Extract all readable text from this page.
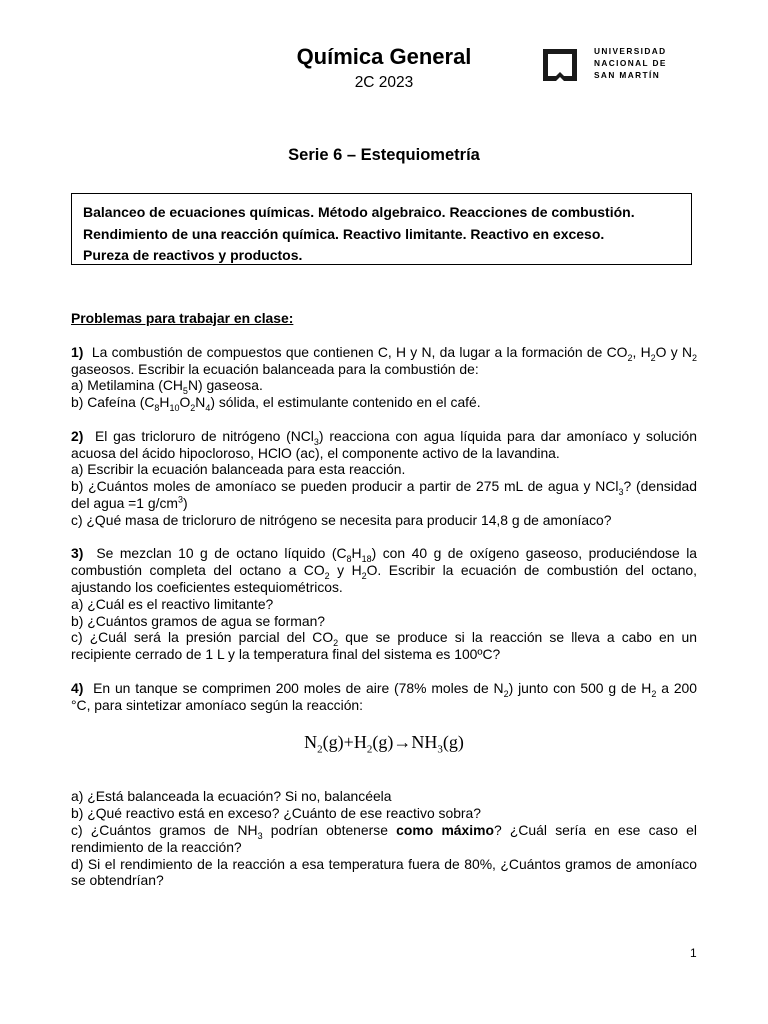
Química General
2C 2023
UNIVERSIDAD
NACIONAL DE
SAN MARTÍN
Serie 6 – Estequiometría
Balanceo de ecuaciones químicas. Método algebraico. Reacciones de combustión.
Rendimiento de una reacción química. Reactivo limitante. Reactivo en exceso.
Pureza de reactivos y productos.
Problemas para trabajar en clase:
1) La combustión de compuestos que contienen C, H y N, da lugar a la formación de $CO_2$, $H_2O$ y $N_2$ gaseosos. Escribir la ecuación balanceada para la combustión de:
a) Metilamina $(CH_5N)$ gaseosa.
b) Cafeína $(C_8H_{10}O_2N_4)$ sólida, el estimulante contenido en el café.
2) El gas tricloruro de nitrógeno (NCl$_3$) reacciona con agua líquida para dar amoníaco y solución acuosa del ácido hipocloroso, HClO (ac), el componente activo de la lavandina.
a) Escribir la ecuación balanceada para esta reacción.
b) ¿Cuántos moles de amoníaco se pueden producir a partir de 275 mL de agua y NCl$_3$? (densidad del agua =1 $g/cm^3$)
c) ¿Qué masa de tricloruro de nitrógeno se necesita para producir 14,8 g de amoníaco?
3) Se mezclan 10 g de octano líquido $(C_8H_{18})$ con 40 g de oxígeno gaseoso, produciéndose la combustión completa del octano a $CO_2$ y $H_2O$. Escribir la ecuación de combustión del octano, ajustando los coeficientes estequiométricos.
a) ¿Cuál es el reactivo limitante?
b) ¿Cuántos gramos de agua se forman?
c) ¿Cuál será la presión parcial del $CO_2$ que se produce si la reacción se lleva a cabo en un recipiente cerrado de 1 L y la temperatura final del sistema es 100ºC?
4) En un tanque se comprimen 200 moles de aire (78% moles de $N_2$) junto con 500 g de $H_2$ a 200 °C, para sintetizar amoníaco según la reacción:
$N_2(g)+H_2(g)\to NH_3(g)$
a) ¿Está balanceada la ecuación? Si no, balancéela
b) ¿Qué reactivo está en exceso? ¿Cuánto de ese reactivo sobra?
c) ¿Cuántos gramos de $NH_3$ podrían obtenerse como máximo? ¿Cuál sería en ese caso el rendimiento de la reacción?
d) Si el rendimiento de la reacción a esa temperatura fuera de 80%, ¿Cuántos gramos de amoníaco se obtendrían?
1
